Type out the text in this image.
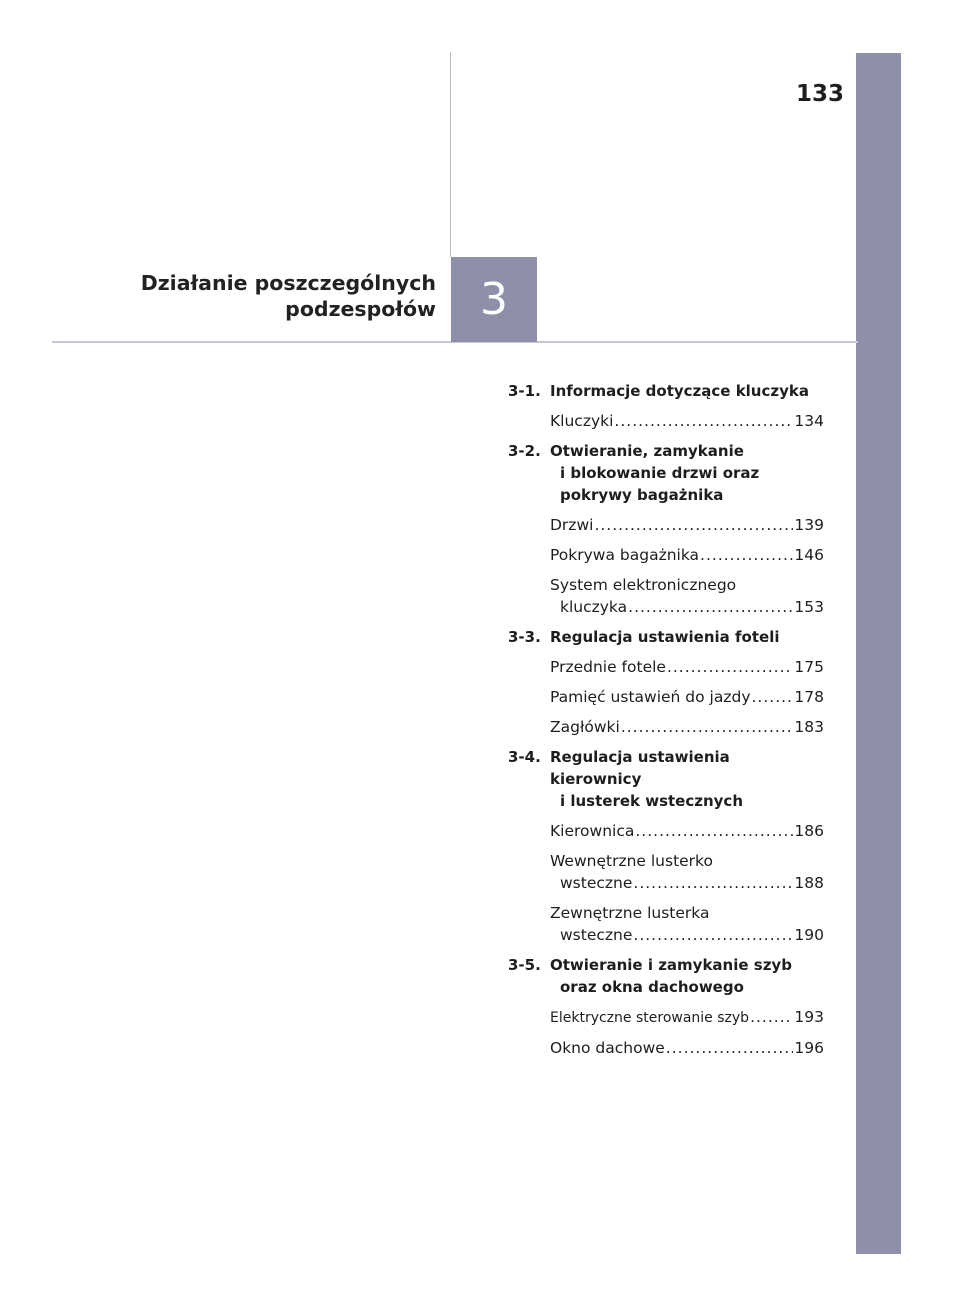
133
Działanie poszczególnych
podzespołów 3
3-1. Informacje dotyczące kluczyka
Kluczyki .....	134
3-2. Otwieranie, zamykanie
i blokowanie drzwi oraz
pokrywy bagażnika
Drzwi .....	139
Pokrywa bagażnika .....	146
System elektronicznego
kluczyka .....	153
3-3. Regulacja ustawienia foteli
Przednie fotele .....	175
Pamięć ustawień do jazdy .....	178
Zagłówki .....	183
3-4. Regulacja ustawienia kierownicy
i lusterek wstecznych
Kierownica .....	186
Wewnętrzne lusterko
wsteczne .....	188
Zewnętrzne lusterka
wsteczne .....	190
3-5. Otwieranie i zamykanie szyb
oraz okna dachowego
Elektryczne sterowanie szyb .....	193
Okno dachowe .....	196
